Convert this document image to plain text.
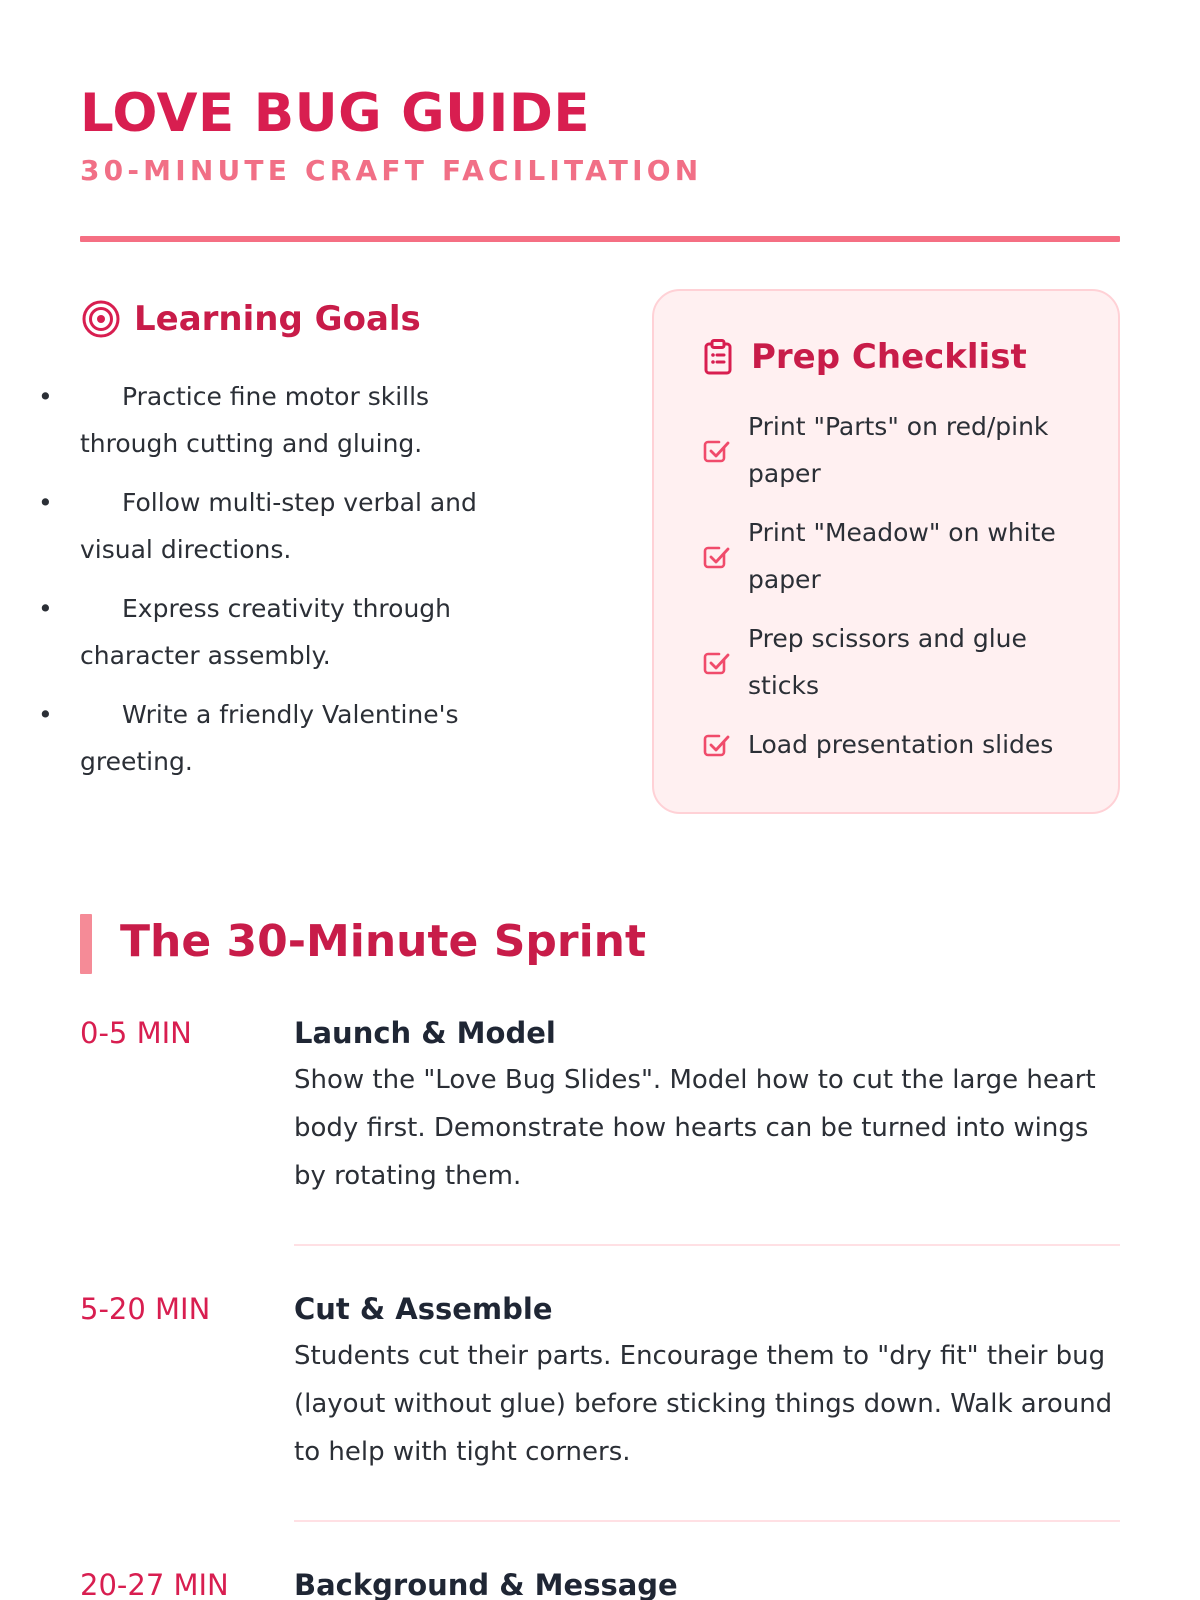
LOVE BUG GUIDE
30-MINUTE CRAFT FACILITATION
Learning Goals
• Practice fine motor skills through cutting and gluing.
• Follow multi-step verbal and visual directions.
• Express creativity through character assembly.
• Write a friendly Valentine's greeting.
Prep Checklist
Print "Parts" on red/pink paper
Print "Meadow" on white paper
Prep scissors and glue sticks
Load presentation slides
The 30-Minute Sprint
0-5 MIN	Launch & Model

Show the "Love Bug Slides". Model how to cut the large heart body first. Demonstrate how hearts can be turned into wings by rotating them.

5-20 MIN	Cut & Assemble

Students cut their parts. Encourage them to "dry fit" their bug (layout without glue) before sticking things down. Walk around to help with tight corners.

20-27 MIN	Background & Message
